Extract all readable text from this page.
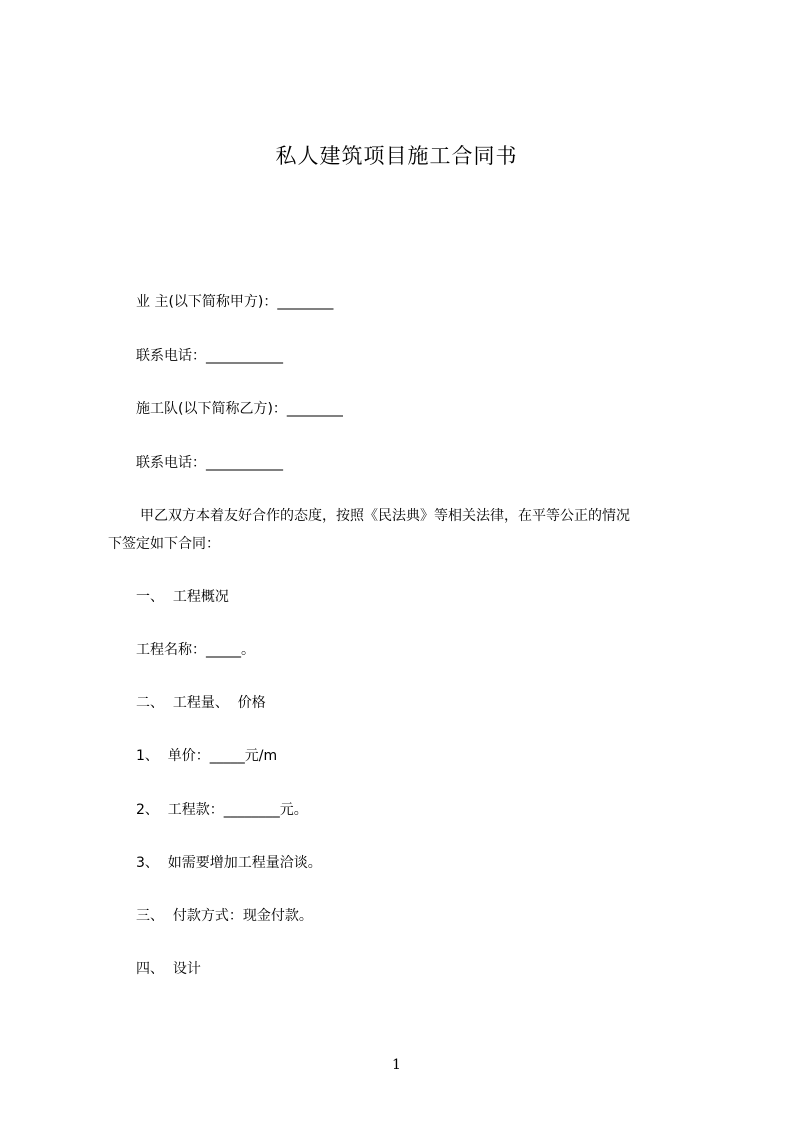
私人建筑项目施工合同书
业 主(以下简称甲方)：________
联系电话：___________
施工队(以下简称乙方)：________
联系电话：___________
甲乙双方本着友好合作的态度，按照《民法典》等相关法律，在平等公正的情况
下签定如下合同：
一、  工程概况
工程名称：_____。
二、  工程量、  价格
1、  单价：_____元/m
2、  工程款：________元。
3、  如需要增加工程量洽谈。
三、  付款方式：现金付款。
四、  设计
1
